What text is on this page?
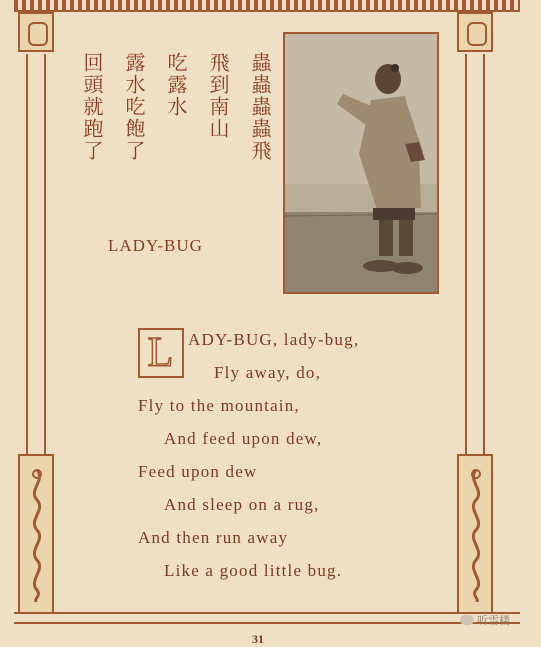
蟲蟲蟲蟲飛
飛到南山
吃露水
露水吃飽了
回頭就跑了
LADY-BUG
L ADY-BUG, lady-bug,
Fly away, do,
Fly to the mountain,
And feed upon dew,
Feed upon dew
And sleep on a rug,
And then run away
Like a good little bug.
31
听雪楼
